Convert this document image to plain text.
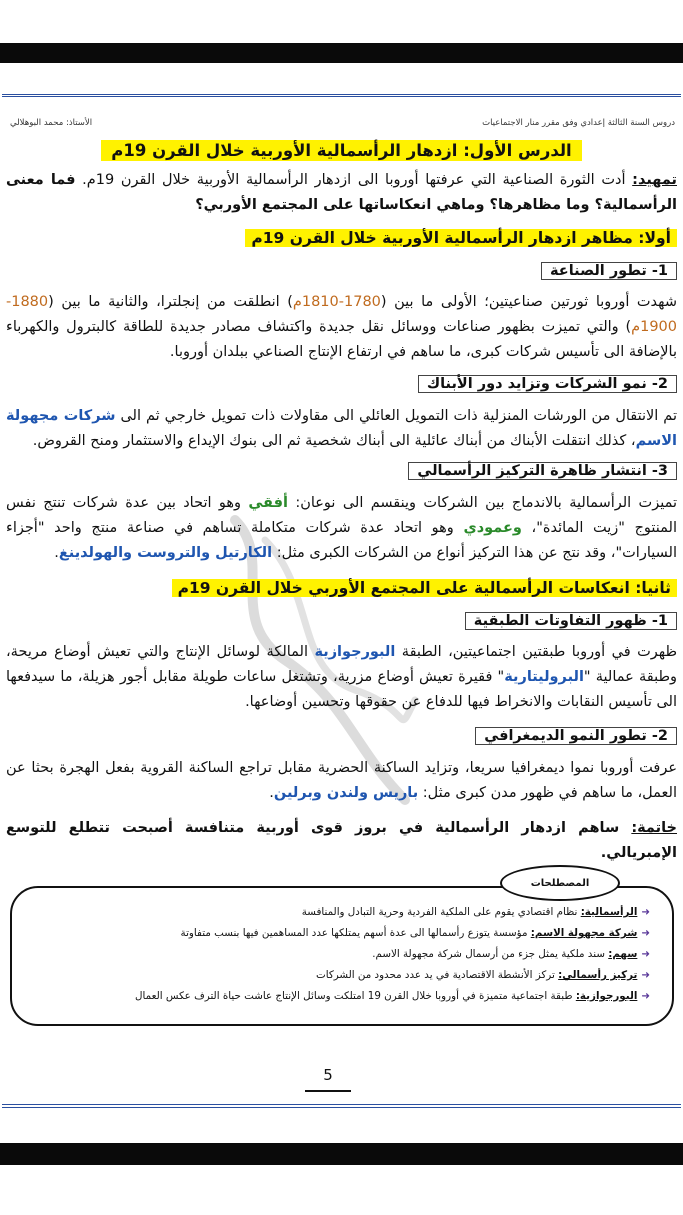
دروس السنة الثالثة إعدادي وفق مقرر منار الاجتماعيات
الأستاذ: محمد البوهلالي
الدرس الأول: ازدهار الرأسمالية الأوربية خلال القرن 19م
تمهيد: أدت الثورة الصناعية التي عرفتها أوروبا الى ازدهار الرأسمالية الأوربية خلال القرن 19م. فما معنى الرأسمالية؟ وما مظاهرها؟ وماهي انعكاساتها على المجتمع الأوربي؟
أولا: مظاهر ازدهار الرأسمالية الأوربية خلال القرن 19م
1- تطور الصناعة
شهدت أوروبا ثورتين صناعيتين؛ الأولى ما بين (1780-1810م) انطلقت من إنجلترا، والثانية ما بين (1880-1900م) والتي تميزت بظهور صناعات ووسائل نقل جديدة واكتشاف مصادر جديدة للطاقة كالبترول والكهرباء بالإضافة الى تأسيس شركات كبرى، ما ساهم في ارتفاع الإنتاج الصناعي ببلدان أوروبا.
2- نمو الشركات وتزايد دور الأبناك
تم الانتقال من الورشات المنزلية ذات التمويل العائلي الى مقاولات ذات تمويل خارجي ثم الى شركات مجهولة الاسم، كذلك انتقلت الأبناك من أبناك عائلية الى أبناك شخصية ثم الى بنوك الإيداع والاستثمار ومنح القروض.
3- انتشار ظاهرة التركيز الرأسمالي
تميزت الرأسمالية بالاندماج بين الشركات وينقسم الى نوعان: أفقي وهو اتحاد بين عدة شركات تنتج نفس المنتوج "زيت المائدة"، وعمودي وهو اتحاد عدة شركات متكاملة تساهم في صناعة منتج واحد "أجزاء السيارات"، وقد نتج عن هذا التركيز أنواع من الشركات الكبرى مثل: الكارتيل والتروست والهولدينغ.
ثانيا: انعكاسات الرأسمالية على المجتمع الأوربي خلال القرن 19م
1- ظهور التفاوتات الطبقية
ظهرت في أوروبا طبقتين اجتماعيتين، الطبقة البورجوازية المالكة لوسائل الإنتاج والتي تعيش أوضاع مريحة، وطبقة عمالية "البروليتارية" فقيرة تعيش أوضاع مزرية، وتشتغل ساعات طويلة مقابل أجور هزيلة، ما سيدفعها الى تأسيس النقابات والانخراط فيها للدفاع عن حقوقها وتحسين أوضاعها.
2- تطور النمو الديمغرافي
عرفت أوروبا نموا ديمغرافيا سريعا، وتزايد الساكنة الحضرية مقابل تراجع الساكنة القروية بفعل الهجرة بحثا عن العمل، ما ساهم في ظهور مدن كبرى مثل: باريس ولندن وبرلين.
خاتمة: ساهم ازدهار الرأسمالية في بروز قوى أوربية متنافسة أصبحت تتطلع للتوسع الإمبريالي.
المصطلحات
➜الرأسمالية: نظام اقتصادي يقوم على الملكية الفردية وحرية التبادل والمنافسة
➜شركة مجهولة الاسم: مؤسسة يتوزع رأسمالها الى عدة أسهم يمتلكها عدد المساهمين فيها بنسب متفاوتة
➜سهم: سند ملكية يمثل جزء من أرسمال شركة مجهولة الاسم.
➜تركيز رأسمالي: تركز الأنشطة الاقتصادية في يد عدد محدود من الشركات
➜البورجوازية: طبقة اجتماعية متميزة في أوروبا خلال القرن 19 امتلكت وسائل الإنتاج عاشت حياة الترف عكس العمال
5
